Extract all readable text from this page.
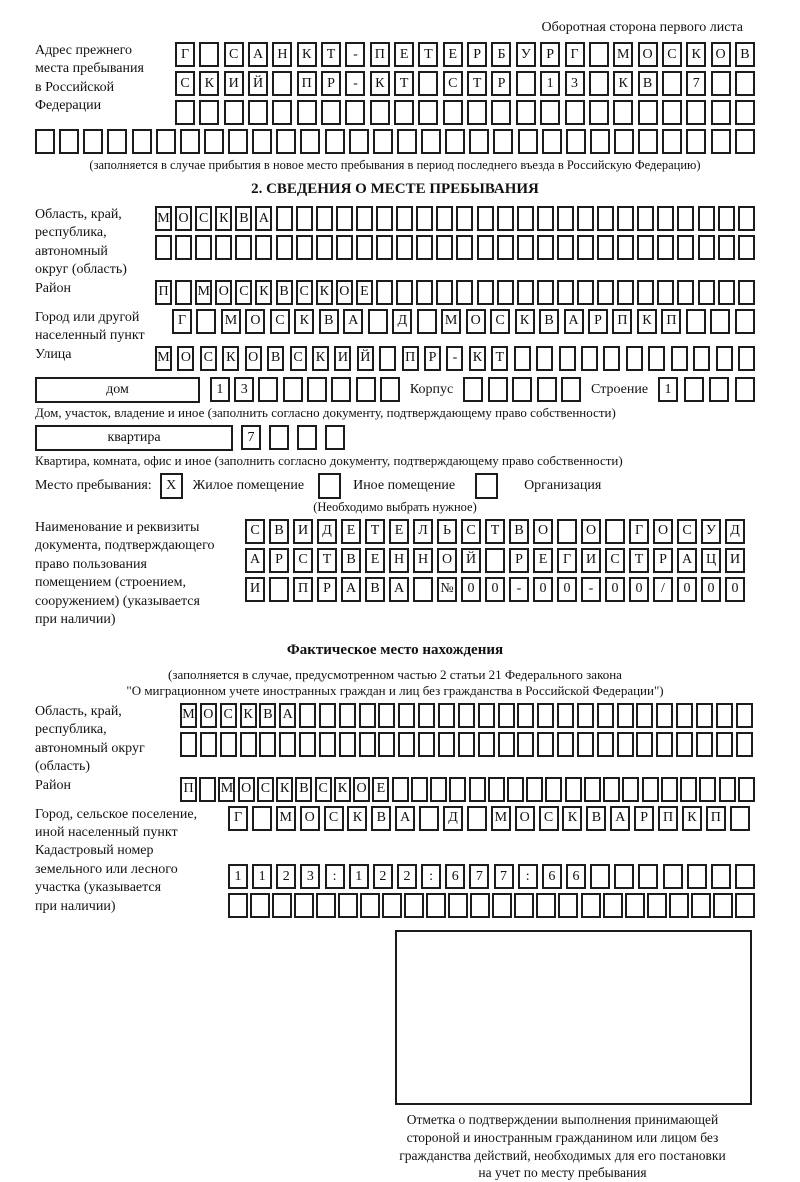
Оборотная сторона первого листа
Адрес прежнего
места пребывания
в Российской
Федерации
Г	С	А	Н	К	Т	-	П	Е	Т	Е	Р	Б	У	Р	Г	М О	С	К	О	В
С	К	И	Й	П	Р	-	К	Т	С	Т	Р	1	3	К	В	7
(заполняется в случае прибытия в новое место пребывания в период последнего въезда в Российскую Федерацию)
2. СВЕДЕНИЯ О МЕСТЕ ПРЕБЫВАНИЯ
Область, край,
республика,
автономный
округ (область)
М О С К В А
Район	П М О С К В С К О Е
Город или другой
населенный пункт
Г	М О	С	К	В	А	Д	М О	С	К	В	А	Р	П	К	П
Улица	М О С К О В С К И Й П Р	-	К Т
дом	1	3	Корпус	Строение	1
Дом, участок, владение и иное (заполнить согласно документу, подтверждающему право собственности)
квартира	7
Квартира, комната, офис и иное (заполнить согласно документу, подтверждающему право собственности)
Место пребывания:	X	Жилое помещение	Иное помещение	Организация
(Необходимо выбрать нужное)
Наименование и реквизиты
документа, подтверждающего
право пользования
помещением (строением,
сооружением) (указывается
при наличии)
С	В	И	Д	Е	Т	Е	Л	Ь	С	Т	В	О	О	Г	О	С	У	Д
А	Р	С	Т	В	Е	Н Н О Й	Р	Е	Г	И	С	Т	Р	А Ц И
И	П	Р	А	В	А	№ 0	0	-	0	0	-	0	0	/	0	0	0
Фактическое место нахождения
(заполняется в случае, предусмотренном частью 2 статьи 21 Федерального закона
"О миграционном учете иностранных граждан и лиц без гражданства в Российской Федерации")
Область, край,
республика,
автономный округ
(область)
М О С К В А
Район	П М О С К В С К О Е
Город, сельское поселение,
иной населенный пункт
Г	М О	С	К	В	А	Д	М О	С	К	В	А	Р	П	К	П
Кадастровый номер
земельного или лесного
участка (указывается
при наличии)
1	1	2	3	:	1	2	2	:	6	7	7	:	6	6
Отметка о подтверждении выполнения принимающей
стороной и иностранным гражданином или лицом без
гражданства действий, необходимых для его постановки
на учет по месту пребывания
